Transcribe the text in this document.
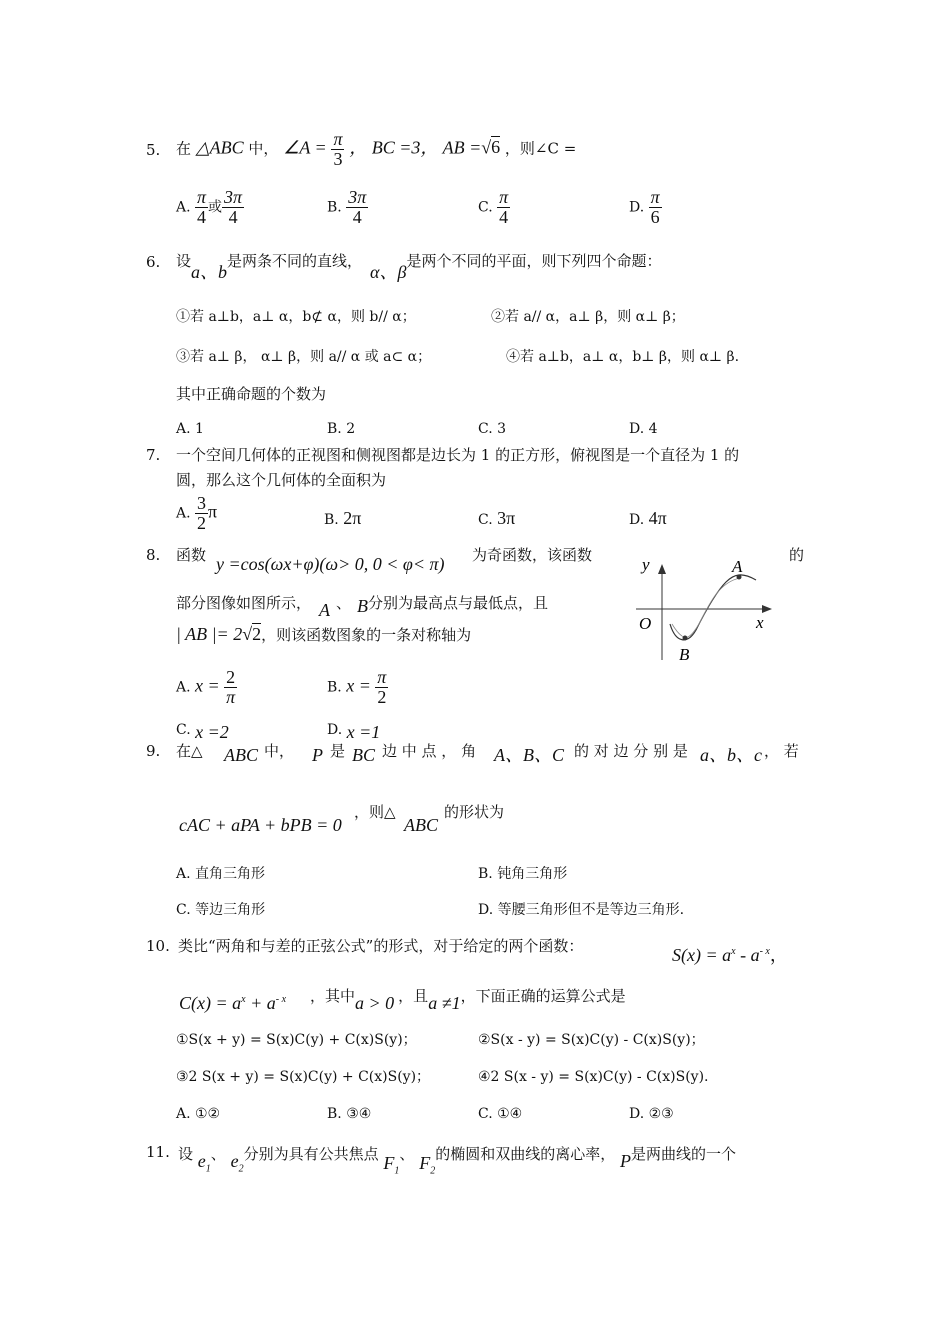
5. 在 △ABC 中， ∠A = $\frac{\pi}{3}$ ， BC =3， AB =√6 ，则∠C =
A. $\frac{\pi}{4}$ 或 $\frac{3\pi}{4}$	B. $\frac{3\pi}{4}$	C. $\frac{\pi}{4}$	D. $\frac{\pi}{6}$
6. 设a、b是两条不同的直线，α、β是两个不同的平面，则下列四个命题：
①若 a⊥b，a⊥ α，b⊄ α，则 b// α；	②若 a// α，a⊥ β，则 α⊥ β；
③若 a⊥ β， α⊥ β，则 a// α 或 a⊂ α；	④若 a⊥b，a⊥ α，b⊥ β，则 α⊥ β.
其中正确命题的个数为
A. 1	B. 2	C. 3	D. 4
7. 一个空间几何体的正视图和侧视图都是边长为 1 的正方形，俯视图是一个直径为 1 的
圆，那么这个几何体的全面积为
A. $\frac{3}{2}$ π	B. 2π	C. 3π	D. 4π
8. 函数 y =cos(ωx+φ)(ω> 0, 0 < φ< π) 为奇函数，该函数	的
部分图像如图所示， A 、 B分别为最高点与最低点，且
| AB |= 2√2，则该函数图象的一条对称轴为
y
x
O
A
B
A. $x = \frac{2}{\pi}$	B. $x = \frac{\pi}{2}$
C. x =2	D. x =1
9. 在△ ABC 中， P 是 BC 边 中 点 ， 角 A、B、C 的 对 边 分 别 是 a、b、c ， 若
cAC + aPA + bPB = 0
，则△
ABC
的形状为
A. 直角三角形	B. 钝角三角形
C. 等边三角形	D. 等腰三角形但不是等边三角形.
10. 类比“两角和与差的正弦公式”的形式，对于给定的两个函数：	$S(x) = a^x - a^{- x}$，
$C(x) = a^x + a^{- x}$ ，其中a > 0 ，且a ≠1，下面正确的运算公式是
①S(x + y) = S(x)C(y) + C(x)S(y)；	②S(x - y) = S(x)C(y) - C(x)S(y)；
③2 S(x + y) = S(x)C(y) + C(x)S(y)；	④2 S(x - y) = S(x)C(y) - C(x)S(y).
A. ①②	B. ③④	C. ①④	D. ②③
11. 设 $e_1$、 $e_2$分别为具有公共焦点 $F_1$、 $F_2$的椭圆和双曲线的离心率， P是两曲线的一个
